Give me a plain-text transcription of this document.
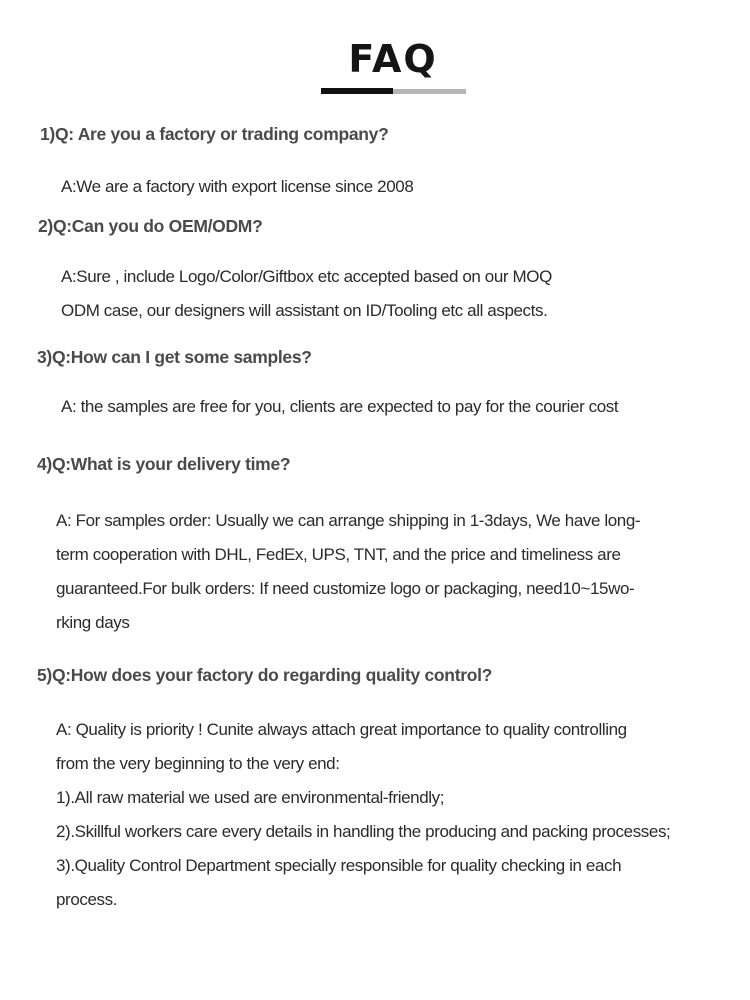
FAQ
1)Q: Are you a factory or trading company?
A:We are a factory with export license since 2008
2)Q:Can you do OEM/ODM?
A:Sure , include Logo/Color/Giftbox etc accepted based on our MOQ
ODM case, our designers will assistant on ID/Tooling etc all aspects.
3)Q:How can I get some samples?
A: the samples are free for you, clients are expected to pay for the courier cost
4)Q:What is your delivery time?
A: For samples order: Usually we can arrange shipping in 1-3days, We have long-
term cooperation with DHL, FedEx, UPS, TNT, and the price and timeliness are
guaranteed.For bulk orders: If need customize logo or packaging, need10~15wo-
rking days
5)Q:How does your factory do regarding quality control?
A: Quality is priority ! Cunite always attach great importance to quality controlling
from the very beginning to the very end:
1).All raw material we used are environmental-friendly;
2).Skillful workers care every details in handling the producing and packing processes;
3).Quality Control Department specially responsible for quality checking in each
process.
